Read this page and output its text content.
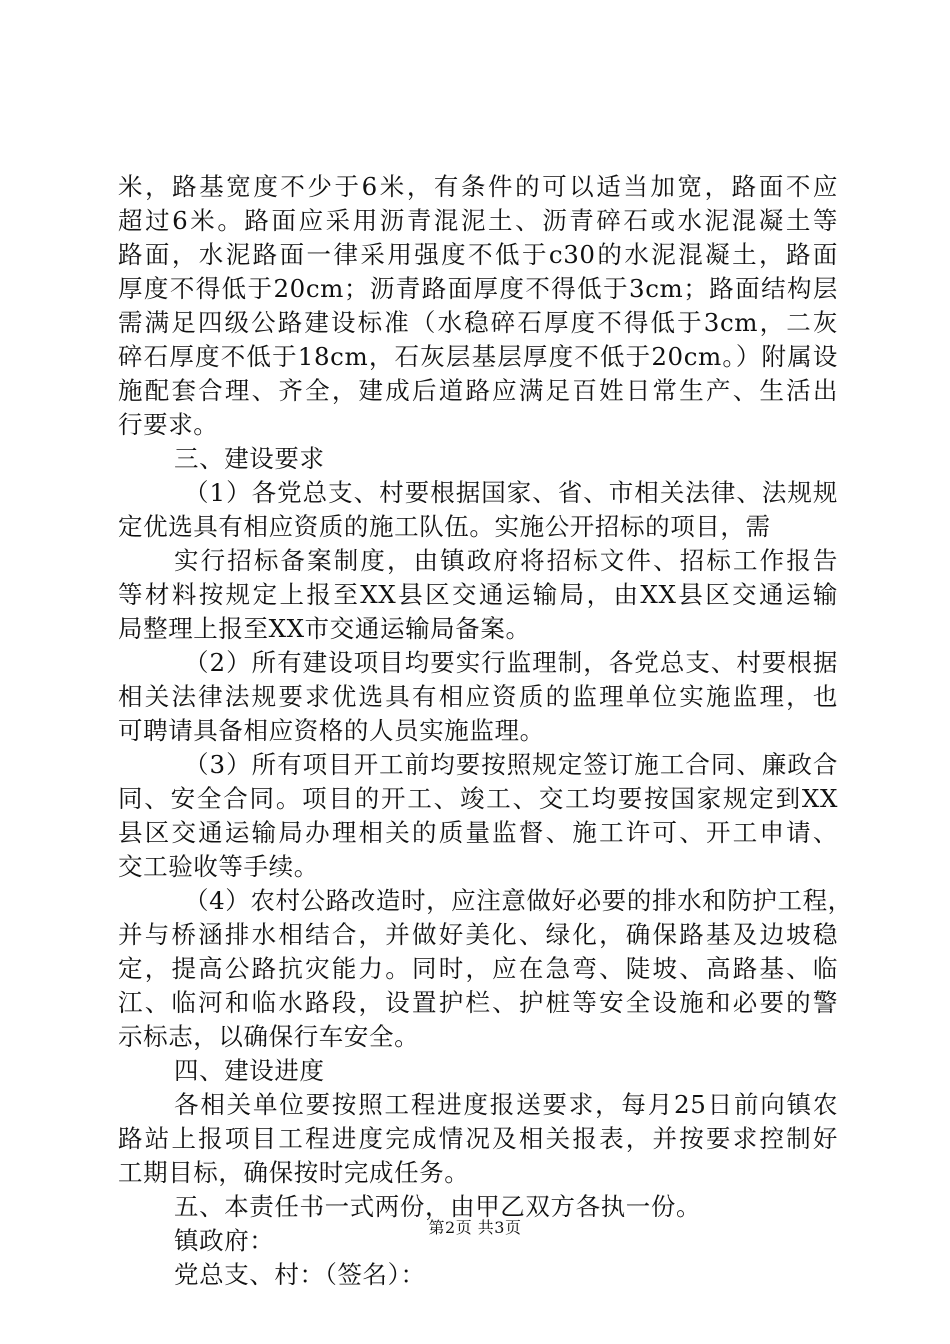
米，路基宽度不少于6米，有条件的可以适当加宽，路面不应
超过6米。路面应采用沥青混泥土、沥青碎石或水泥混凝土等
路面，水泥路面一律采用强度不低于c30的水泥混凝土，路面
厚度不得低于20cm；沥青路面厚度不得低于3cm；路面结构层
需满足四级公路建设标准（水稳碎石厚度不得低于3cm，二灰
碎石厚度不低于18cm，石灰层基层厚度不低于20cm。）附属设
施配套合理、齐全，建成后道路应满足百姓日常生产、生活出
行要求。
三、建设要求
（1）各党总支、村要根据国家、省、市相关法律、法规规
定优选具有相应资质的施工队伍。实施公开招标的项目，需
实行招标备案制度，由镇政府将招标文件、招标工作报告
等材料按规定上报至XX县区交通运输局，由XX县区交通运输
局整理上报至XX市交通运输局备案。
（2）所有建设项目均要实行监理制，各党总支、村要根据
相关法律法规要求优选具有相应资质的监理单位实施监理，也
可聘请具备相应资格的人员实施监理。
（3）所有项目开工前均要按照规定签订施工合同、廉政合
同、安全合同。项目的开工、竣工、交工均要按国家规定到XX
县区交通运输局办理相关的质量监督、施工许可、开工申请、
交工验收等手续。
（4）农村公路改造时，应注意做好必要的排水和防护工程，
并与桥涵排水相结合，并做好美化、绿化，确保路基及边坡稳
定，提高公路抗灾能力。同时，应在急弯、陡坡、高路基、临
江、临河和临水路段，设置护栏、护桩等安全设施和必要的警
示标志，以确保行车安全。
四、建设进度
各相关单位要按照工程进度报送要求，每月25日前向镇农
路站上报项目工程进度完成情况及相关报表，并按要求控制好
工期目标，确保按时完成任务。
五、本责任书一式两份，由甲乙双方各执一份。
镇政府：
党总支、村：（签名）：
第2页 共3页
